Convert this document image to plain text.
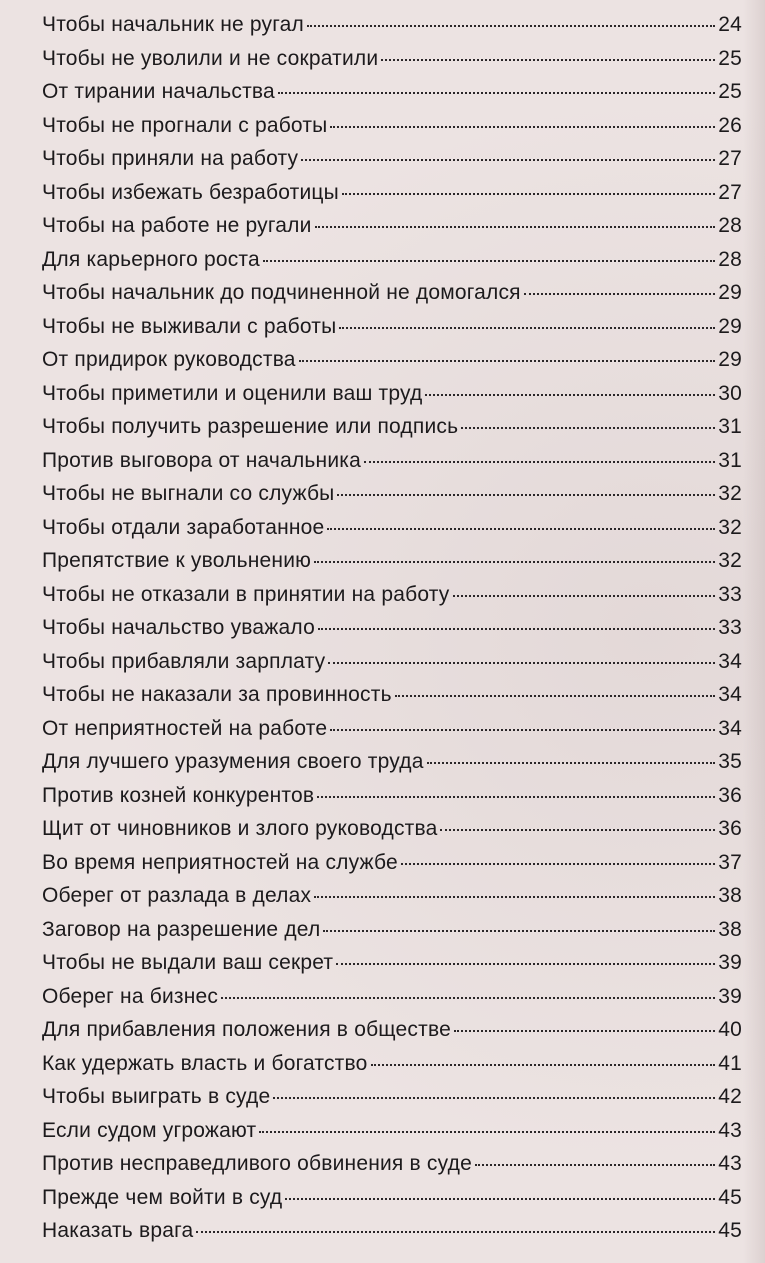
Чтобы начальник не ругал	24
Чтобы не уволили и не сократили	25
От тирании начальства	25
Чтобы не прогнали с работы	26
Чтобы приняли на работу	27
Чтобы избежать безработицы	27
Чтобы на работе не ругали	28
Для карьерного роста	28
Чтобы начальник до подчиненной не домогался	29
Чтобы не выживали с работы	29
От придирок руководства	29
Чтобы приметили и оценили ваш труд	30
Чтобы получить разрешение или подпись	31
Против выговора от начальника	31
Чтобы не выгнали со службы	32
Чтобы отдали заработанное	32
Препятствие к увольнению	32
Чтобы не отказали в принятии на работу	33
Чтобы начальство уважало	33
Чтобы прибавляли зарплату	34
Чтобы не наказали за провинность	34
От неприятностей на работе	34
Для лучшего уразумения своего труда	35
Против козней конкурентов	36
Щит от чиновников и злого руководства	36
Во время неприятностей на службе	37
Оберег от разлада в делах	38
Заговор на разрешение дел	38
Чтобы не выдали ваш секрет	39
Оберег на бизнес	39
Для прибавления положения в обществе	40
Как удержать власть и богатство	41
Чтобы выиграть в суде	42
Если судом угрожают	43
Против несправедливого обвинения в суде	43
Прежде чем войти в суд	45
Наказать врага	45
